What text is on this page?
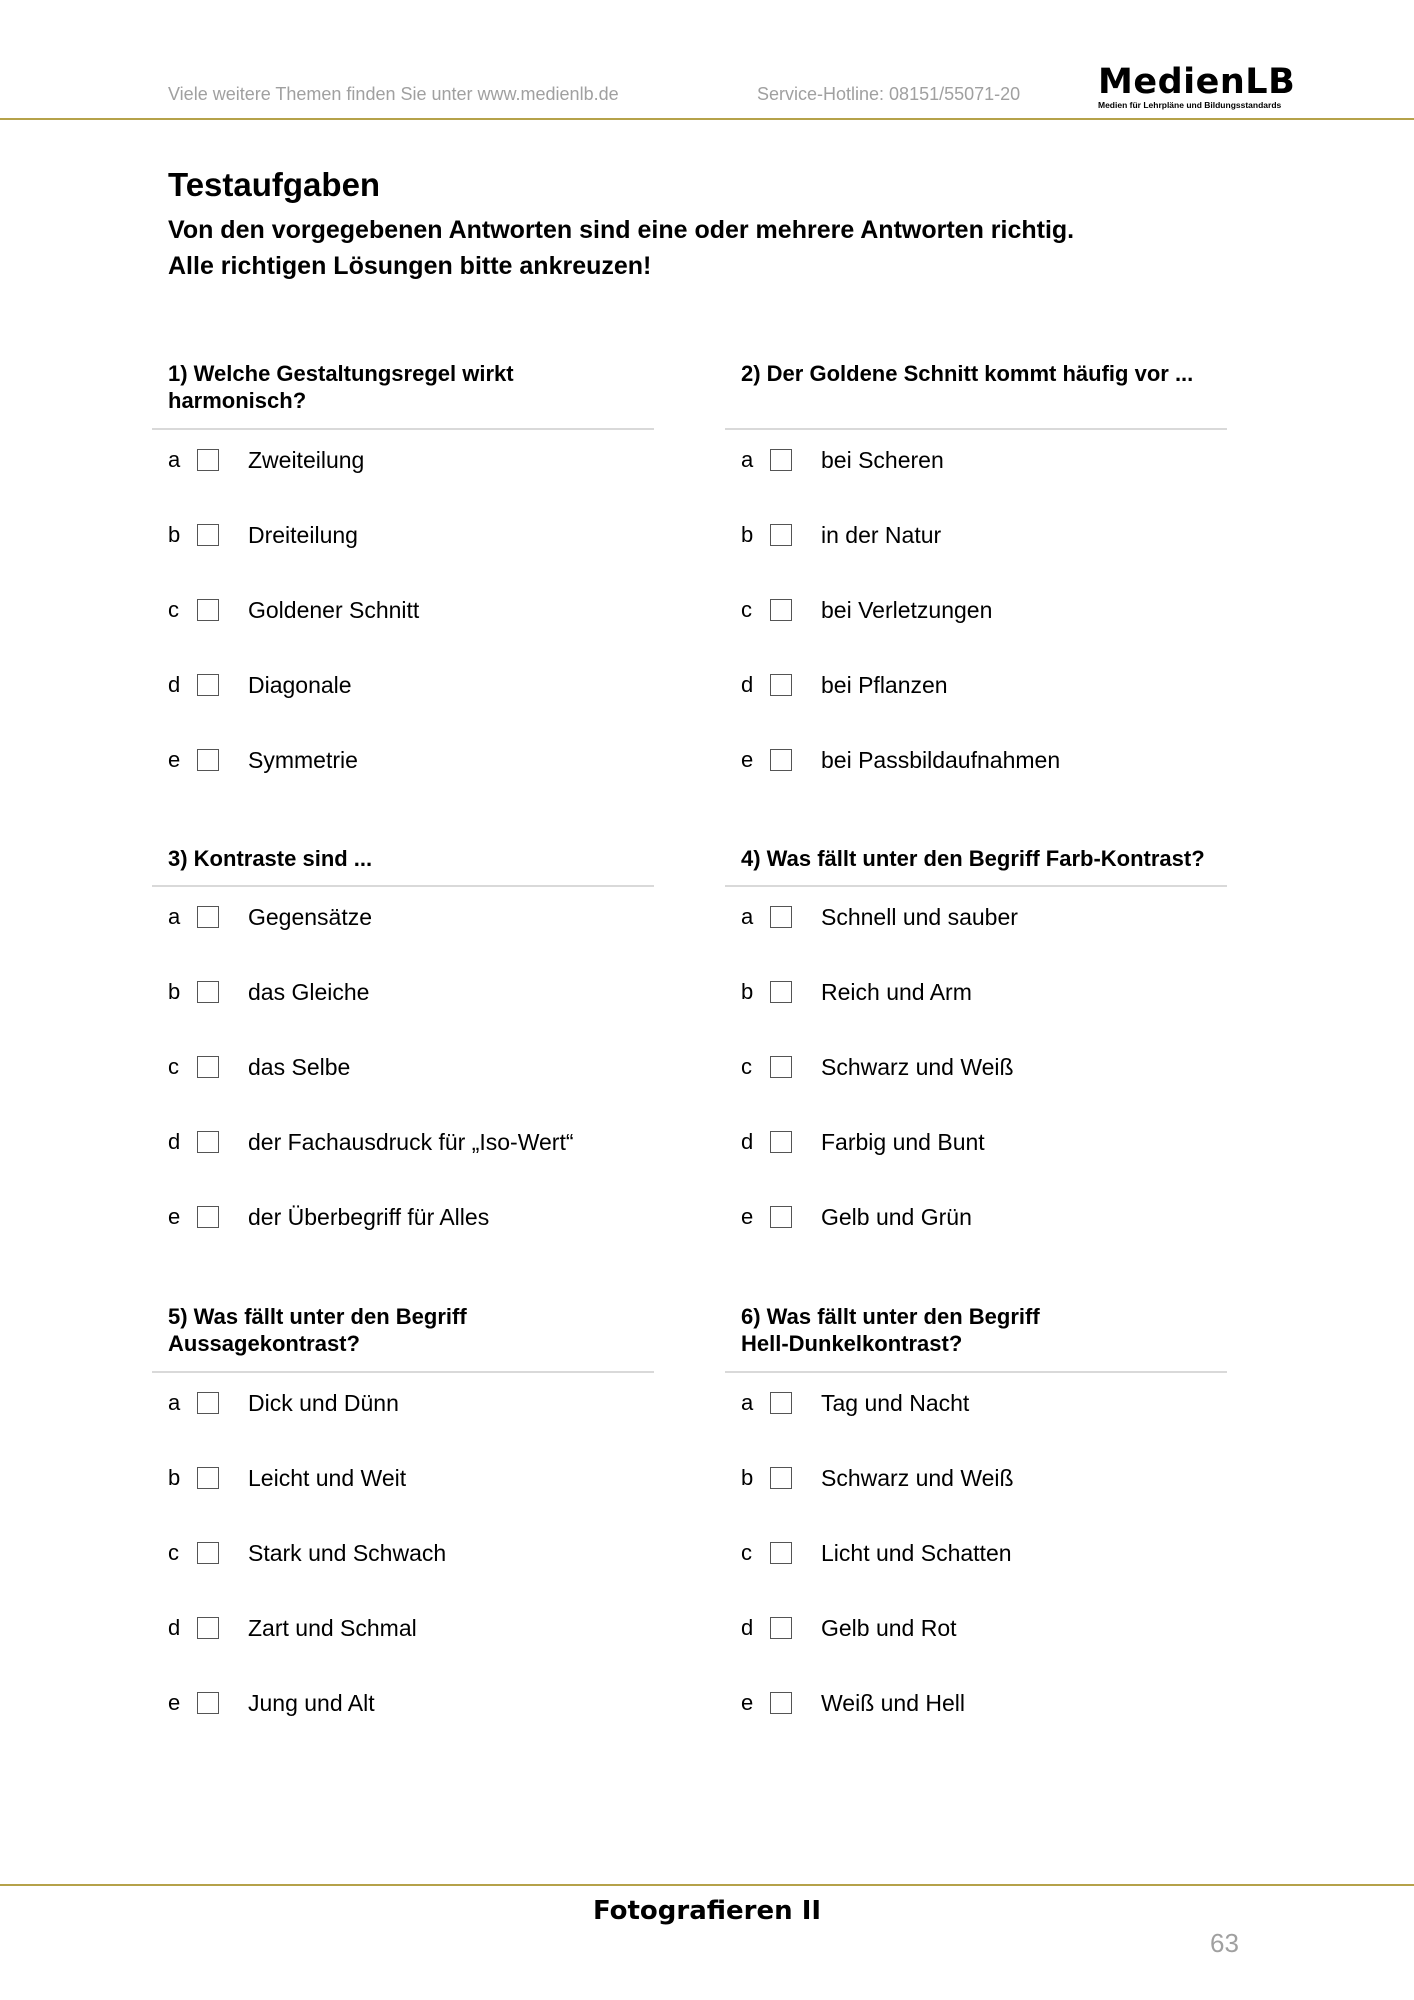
Viele weitere Themen finden Sie unter www.medienlb.de	Service-Hotline: 08151/55071-20 MedienLB
Medien für Lehrpläne und Bildungsstandards
Testaufgaben
Von den vorgegebenen Antworten sind eine oder mehrere Antworten richtig.
Alle richtigen Lösungen bitte ankreuzen!
1) Welche Gestaltungsregel wirkt
harmonisch?
a	Zweiteilung
b	Dreiteilung
c	Goldener Schnitt
d	Diagonale
e	Symmetrie
2) Der Goldene Schnitt kommt häufig vor ...
a	bei Scheren
b	in der Natur
c	bei Verletzungen
d	bei Pflanzen
e	bei Passbildaufnahmen
3) Kontraste sind ...
a	Gegensätze
b	das Gleiche
c	das Selbe
d	der Fachausdruck für „Iso-Wert“
e	der Überbegriff für Alles
4) Was fällt unter den Begriff Farb-Kontrast?
a	Schnell und sauber
b	Reich und Arm
c	Schwarz und Weiß
d	Farbig und Bunt
e	Gelb und Grün
5) Was fällt unter den Begriff
Aussagekontrast?
a	Dick und Dünn
b	Leicht und Weit
c	Stark und Schwach
d	Zart und Schmal
e	Jung und Alt
6) Was fällt unter den Begriff
Hell-Dunkelkontrast?
a	Tag und Nacht
b	Schwarz und Weiß
c	Licht und Schatten
d	Gelb und Rot
e	Weiß und Hell
Fotografieren II
63
